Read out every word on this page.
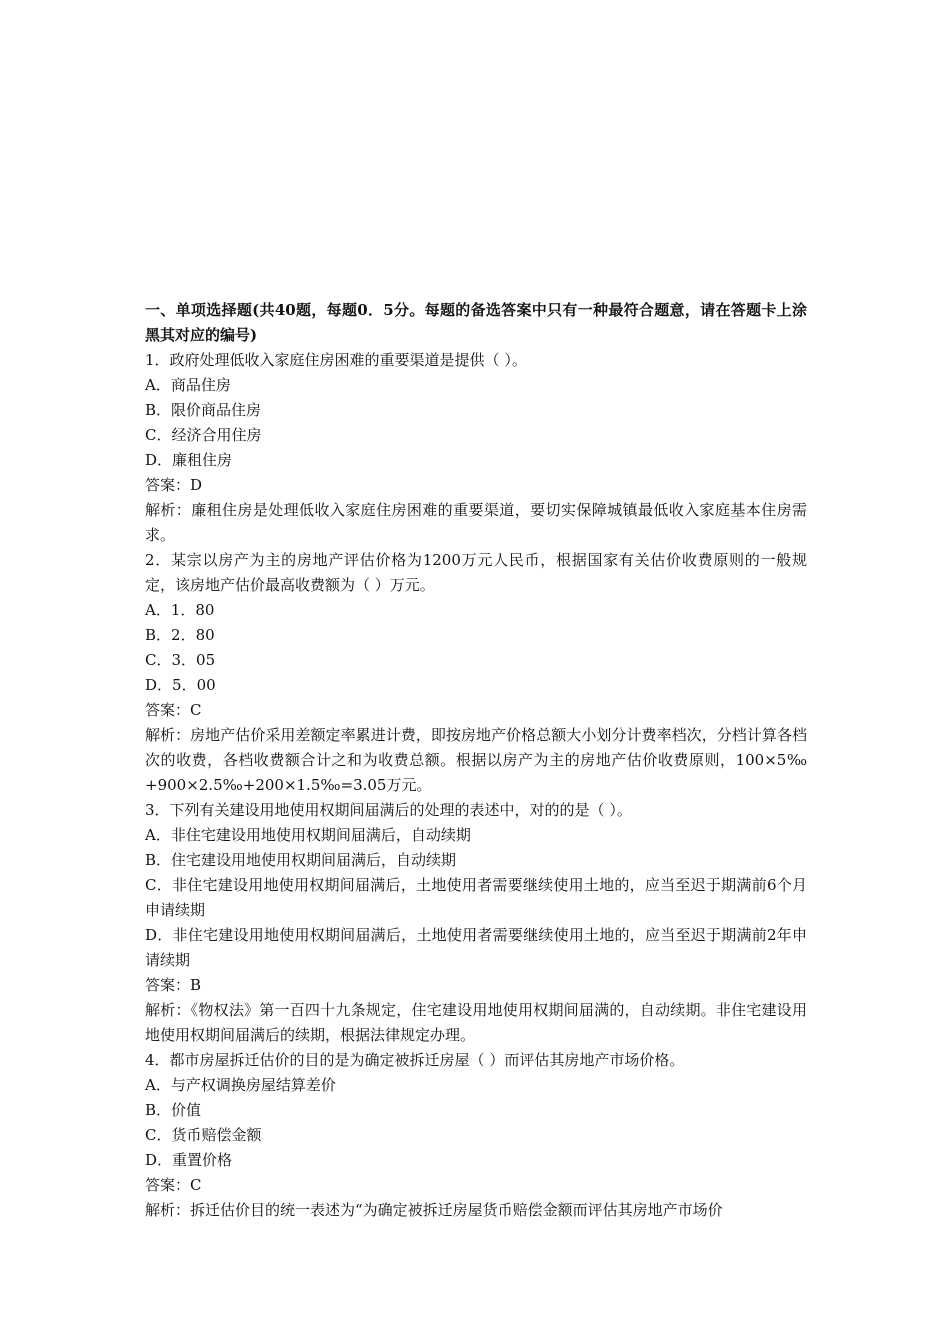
一、单项选择题(共40题，每题0．5分。每题的备选答案中只有一种最符合题意，请在答题卡上涂黑其对应的编号)
1．政府处理低收入家庭住房困难的重要渠道是提供（ ）。
A．商品住房
B．限价商品住房
C．经济合用住房
D．廉租住房
答案：D
解析：廉租住房是处理低收入家庭住房困难的重要渠道，要切实保障城镇最低收入家庭基本住房需求。
2．某宗以房产为主的房地产评估价格为1200万元人民币，根据国家有关估价收费原则的一般规定，该房地产估价最高收费额为（ ）万元。
A．1．80
B．2．80
C．3．05
D．5．00
答案：C
解析：房地产估价采用差额定率累进计费，即按房地产价格总额大小划分计费率档次，分档计算各档次的收费，各档收费额合计之和为收费总额。根据以房产为主的房地产估价收费原则，100×5‰+900×2.5‰+200×1.5‰=3.05万元。
3．下列有关建设用地使用权期间届满后的处理的表述中，对的的是（ ）。
A．非住宅建设用地使用权期间届满后，自动续期
B．住宅建设用地使用权期间届满后，自动续期
C．非住宅建设用地使用权期间届满后，土地使用者需要继续使用土地的，应当至迟于期满前6个月申请续期
D．非住宅建设用地使用权期间届满后，土地使用者需要继续使用土地的，应当至迟于期满前2年申请续期
答案：B
解析：《物权法》第一百四十九条规定，住宅建设用地使用权期间届满的，自动续期。非住宅建设用地使用权期间届满后的续期，根据法律规定办理。
4．都市房屋拆迁估价的目的是为确定被拆迁房屋（ ）而评估其房地产市场价格。
A．与产权调换房屋结算差价
B．价值
C．货币赔偿金额
D．重置价格
答案：C
解析：拆迁估价目的统一表述为“为确定被拆迁房屋货币赔偿金额而评估其房地产市场价
